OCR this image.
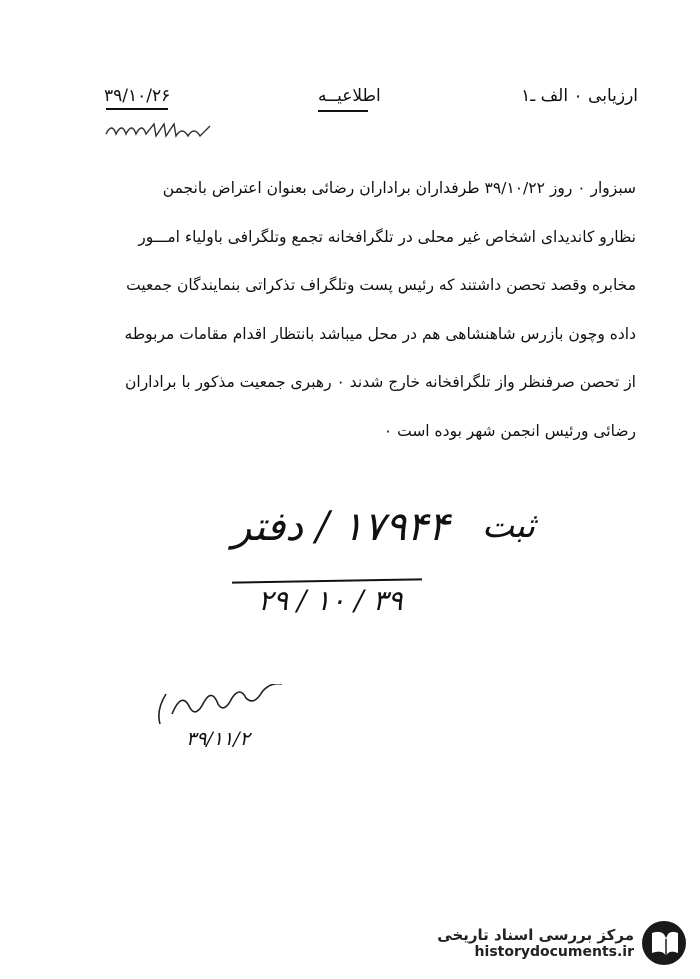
۳۹/۱۰/۲۶	اطلاعیــه	ارزيابى ۰ الف ـ۱
سبزوار ۰ روز ۳۹/۱۰/۲۲ طرفداران براداران رضائی بعنوان اعتراض بانجمن
نظارو کاندیدای اشخاص غیر محلی در تلگرافخانه تجمع وتلگرافی باولیاء امـــور
مخابره وقصد تحصن داشتند که رئیس پست وتلگراف تذکراتی بنمایندگان جمعیت
داده وچون بازرس شاهنشاهی هم در محل میباشد بانتظار اقدام مقامات مربوطه
از تحصن صرفنظر واز تلگرافخانه خارج شدند ۰ رهبری جمعیت مذکور با براداران
رضائی ورئیس انجمن شهر بوده است ۰
۱۷۹۴۴ / دفتر ثبت
۲۹ / ۱۰ / ۳۹
۳۹/۱۱/۲
مرکز بررسی اسناد تاریخی
historydocuments.ir
